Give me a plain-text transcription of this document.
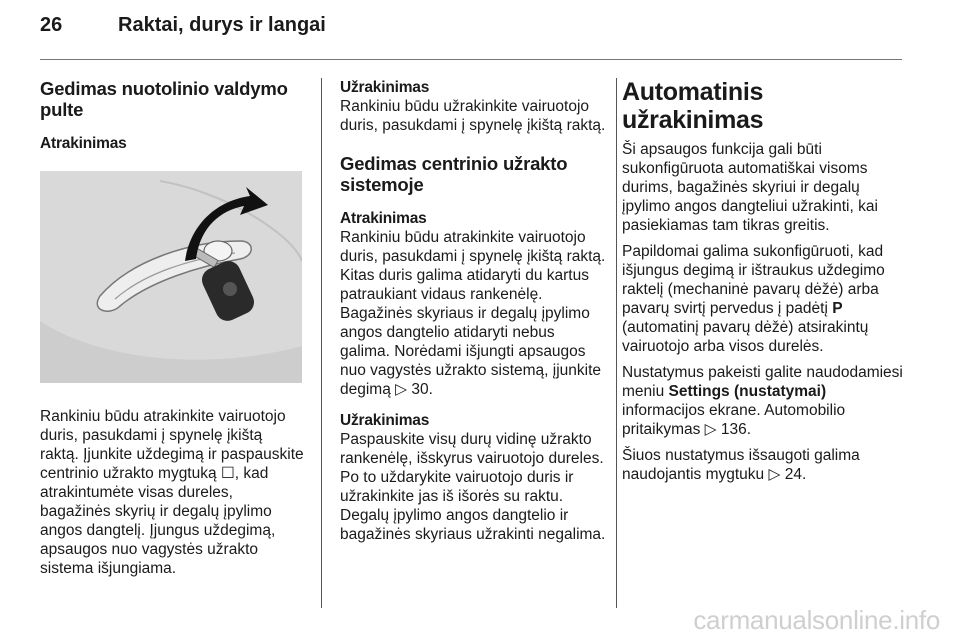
26	Raktai, durys ir langai
Gedimas nuotolinio valdymo pulte
Atrakinimas

Rankiniu būdu atrakinkite vairuotojo duris, pasukdami į spynelę įkištą raktą. Įjunkite uždegimą ir paspauskite centrinio užrakto mygtuką ☐, kad atrakintumėte visas dureles, bagažinės skyrių ir degalų įpylimo angos dangtelį. Įjungus uždegimą, apsaugos nuo vagystės užrakto sistema išjungiama.

Užrakinimas

Rankiniu būdu užrakinkite vairuotojo duris, pasukdami į spynelę įkištą raktą.

Gedimas centrinio užrakto sistemoje
Atrakinimas

Rankiniu būdu atrakinkite vairuotojo duris, pasukdami į spynelę įkištą raktą. Kitas duris galima atidaryti du kartus patraukiant vidaus rankenėlę. Bagažinės skyriaus ir degalų įpylimo angos dangtelio atidaryti nebus galima. Norėdami išjungti apsaugos nuo vagystės užrakto sistemą, įjunkite degimą ▷ 30.

Užrakinimas

Paspauskite visų durų vidinę užrakto rankenėlę, išskyrus vairuotojo dureles. Po to uždarykite vairuotojo duris ir užrakinkite jas iš išorės su raktu. Degalų įpylimo angos dangtelio ir bagažinės skyriaus užrakinti negalima.

Automatinis užrakinimas

Ši apsaugos funkcija gali būti sukonfigūruota automatiškai visoms durims, bagažinės skyriui ir degalų įpylimo angos dangteliui užrakinti, kai pasiekiamas tam tikras greitis.

Papildomai galima sukonfigūruoti, kad išjungus degimą ir ištraukus uždegimo raktelį (mechaninė pavarų dėžė) arba pavarų svirtį pervedus į padėtį P (automatinį pavarų dėžė) atsirakintų vairuotojo arba visos durelės.

Nustatymus pakeisti galite naudodamiesi meniu Settings (nustatymai) informacijos ekrane. Automobilio pritaikymas ▷ 136.

Šiuos nustatymus išsaugoti galima naudojantis mygtuku ▷ 24.

carmanualsonline.info
